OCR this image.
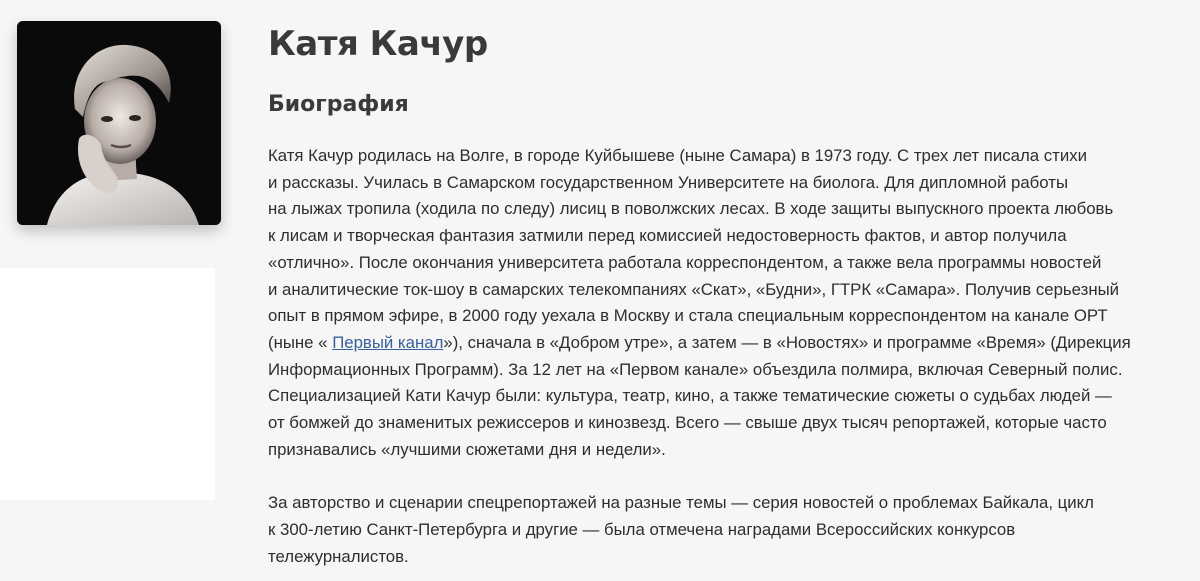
Катя Качур
Биография
Катя Качур родилась на Волге, в городе Куйбышеве (ныне Самара) в 1973 году. С трех лет писала стихи
и рассказы. Училась в Самарском государственном Университете на биолога. Для дипломной работы
на лыжах тропила (ходила по следу) лисиц в поволжских лесах. В ходе защиты выпускного проекта любовь
к лисам и творческая фантазия затмили перед комиссией недостоверность фактов, и автор получила
«отлично». После окончания университета работала корреспондентом, а также вела программы новостей
и аналитические ток-шоу в самарских телекомпаниях «Скат», «Будни», ГТРК «Самара». Получив серьезный
опыт в прямом эфире, в 2000 году уехала в Москву и стала специальным корреспондентом на канале ОРТ
(ныне « Первый канал»), сначала в «Добром утре», а затем — в «Новостях» и программе «Время» (Дирекция
Информационных Программ). За 12 лет на «Первом канале» объездила полмира, включая Северный полис.
Специализацией Кати Качур были: культура, театр, кино, а также тематические сюжеты о судьбах людей —
от бомжей до знаменитых режиссеров и кинозвезд. Всего — свыше двух тысяч репортажей, которые часто
признавались «лучшими сюжетами дня и недели».
За авторство и сценарии спецрепортажей на разные темы — серия новостей о проблемах Байкала, цикл
к 300-летию Санкт-Петербурга и другие — была отмечена наградами Всероссийских конкурсов
тележурналистов.
